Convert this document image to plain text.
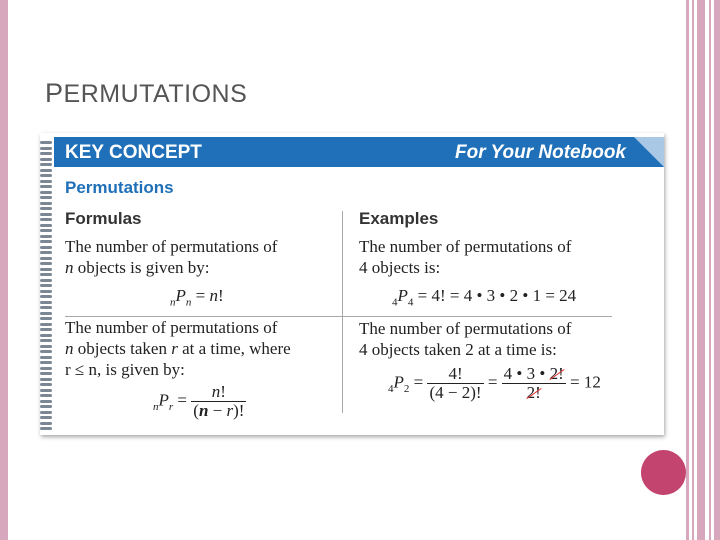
PERMUTATIONS
KEY CONCEPT	For Your Notebook
Permutations
Formulas	Examples
The number of permutations of
n objects is given by:
$_nP_n = n$!
The number of permutations of
n objects taken r at a time, where
r ≤ n, is given by:
$_nP_r = \frac{n!}{(n - r)!}$
The number of permutations of
4 objects is:
$_4P_4 = 4$! = 4 • 3 • 2 • 1 = 24
The number of permutations of
4 objects taken 2 at a time is:
$_4P_2 = \frac{4!}{(4 - 2)!} = \frac{4 • 3 • 2!}{2!} = 12$
